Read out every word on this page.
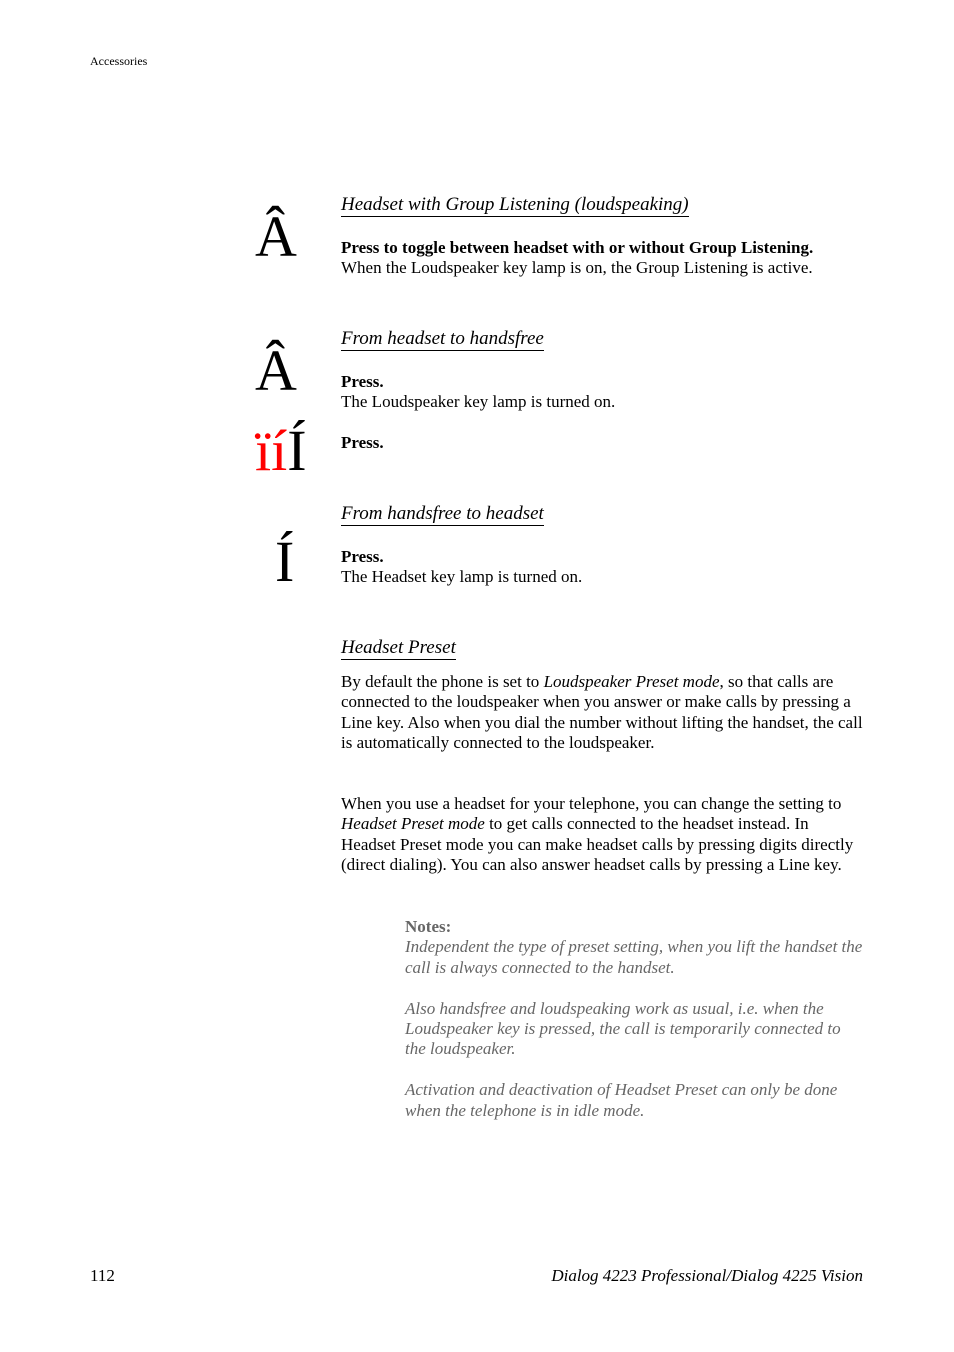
Accessories
Headset with Group Listening (loudspeaking)
Â	Press to toggle between headset with or without Group Listening.
When the Loudspeaker key lamp is on, the Group Listening is active.
From headset to handsfree
Â	Press.
The Loudspeaker key lamp is turned on.
ïíÍ Press.
From handsfree to headset
Í	Press.
The Headset key lamp is turned on.
Headset Preset
By default the phone is set to Loudspeaker Preset mode, so that calls are connected to the loudspeaker when you answer or make calls by pressing a Line key. Also when you dial the number without lifting the handset, the call is automatically connected to the loudspeaker.
When you use a headset for your telephone, you can change the setting to Headset Preset mode to get calls connected to the headset instead. In Headset Preset mode you can make headset calls by pressing digits directly (direct dialing). You can also answer headset calls by pressing a Line key.
Notes:
Independent the type of preset setting, when you lift the handset the call is always connected to the handset.
Also handsfree and loudspeaking work as usual, i.e. when the Loudspeaker key is pressed, the call is temporarily connected to the loudspeaker.
Activation and deactivation of Headset Preset can only be done when the telephone is in idle mode.
112	Dialog 4223 Professional/Dialog 4225 Vision
